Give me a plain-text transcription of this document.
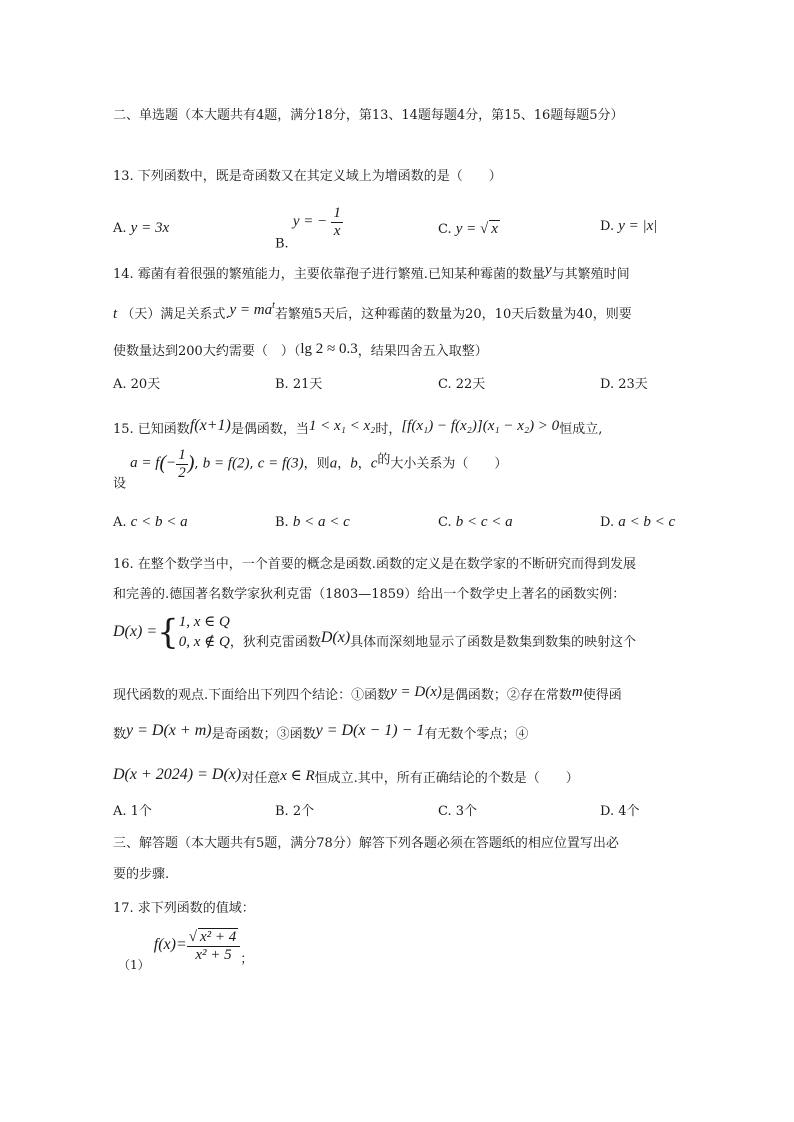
二、单选题（本大题共有4题，满分18分，第13、14题每题4分，第15、16题每题5分）
13. 下列函数中，既是奇函数又在其定义域上为增函数的是（　　）
A. y = 3x
B. y = − $\frac{1}{x}$	C. y = √ x	D. y = |x|
14. 霉菌有着很强的繁殖能力，主要依靠孢子进行繁殖.已知某种霉菌的数量y与其繁殖时间
t （天）满足关系式$.y = ma^t$若繁殖5天后，这种霉菌的数量为20，10天后数量为40，则要
使数量达到200大约需要（　）（lg 2 ≈ 0.3，结果四舍五入取整）
A. 20天	B. 21天	C. 22天	D. 23天
15. 已知函数f(x+1)是偶函数，当1 < x₁ < x₂时，[f(x₁) − f(x₂)](x₁ − x₂) > 0恒成立,
设 $a = f(- \frac{1}{2}$ ), b = f(2), c = f(3)，则a，b，c的大小关系为（　　）
A. c < b < a	B. b < a < c	C. b < c < a	D. a < b < c
16. 在整个数学当中，一个首要的概念是函数.函数的定义是在数学家的不断研究而得到发展
和完善的.德国著名数学家狄利克雷（1803—1859）给出一个数学史上著名的函数实例：
D(x) ={ 1, x ∈ Q
0, x ∉ Q ，狄利克雷函数D(x)具体而深刻地显示了函数是数集到数集的映射这个
现代函数的观点.下面给出下列四个结论：①函数y = D(x)是偶函数；②存在常数m使得函
数y = D(x + m)是奇函数；③函数y = D(x − 1) − 1有无数个零点；④
D(x + 2024) = D(x)对任意x ∈ R恒成立.其中，所有正确结论的个数是（　　）
A. 1个	B. 2个	C. 3个	D. 4个
三、解答题（本大题共有5题，满分78分）解答下列各题必须在答题纸的相应位置写出必
要的步骤.
17. 求下列函数的值域：
（1） $f(x)= \frac{\text{√ x² + 4}}{\text{x² + 5}}$ ；
